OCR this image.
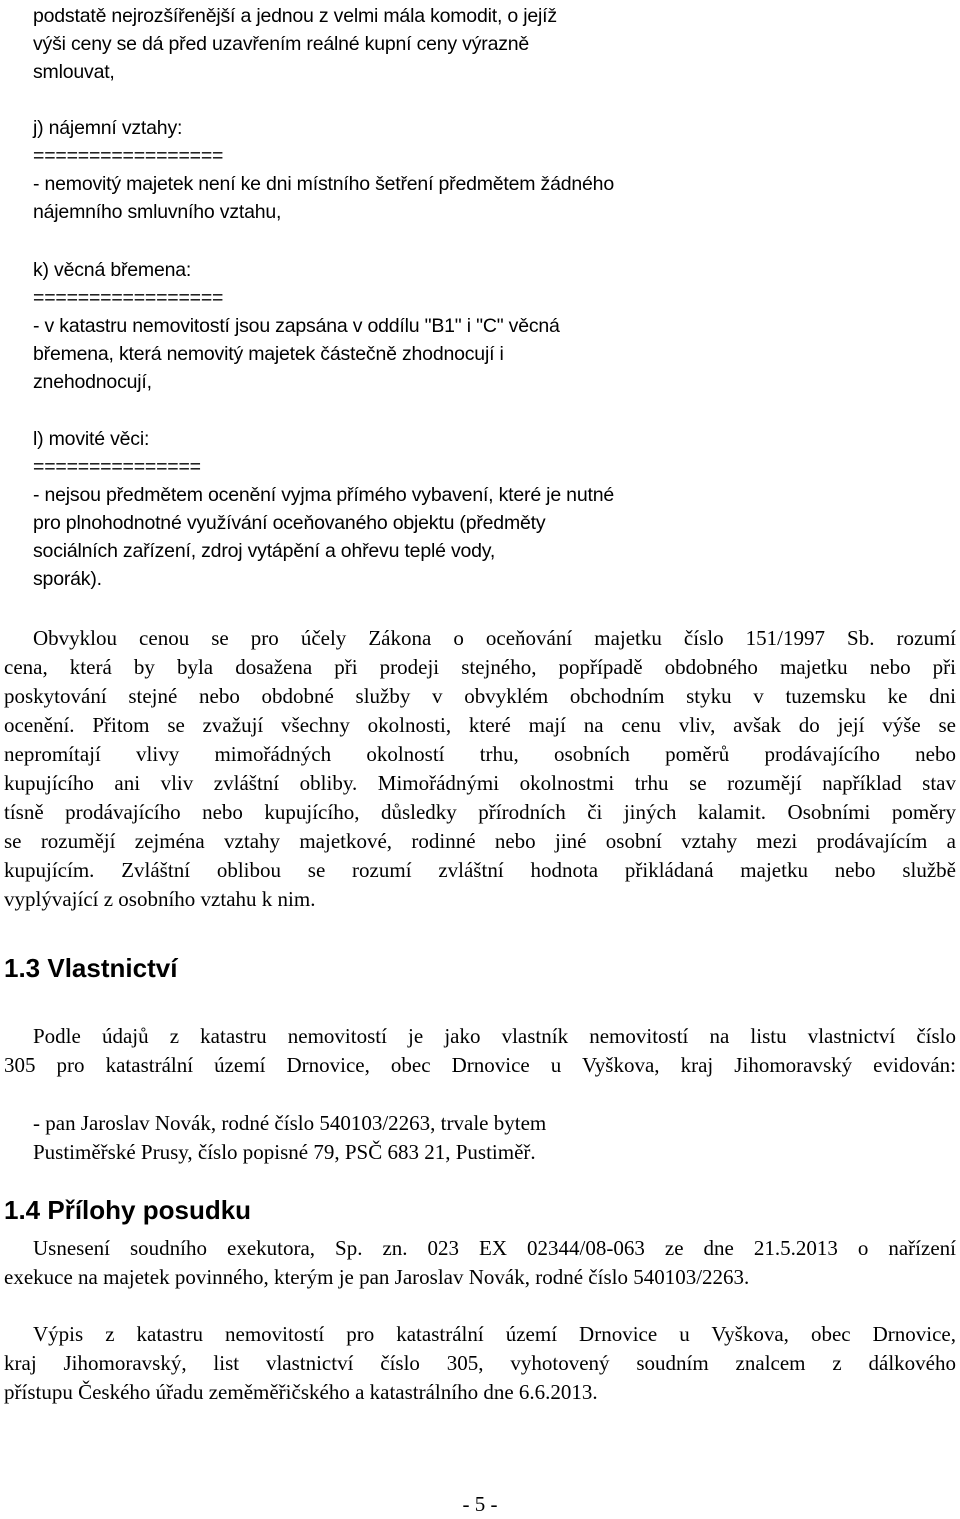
podstatě nejrozšířenější a jednou z velmi mála komodit, o jejíž
výši ceny se dá před uzavřením reálné kupní ceny výrazně
smlouvat,
j) nájemní vztahy:
=================
- nemovitý majetek není ke dni místního šetření předmětem žádného
nájemního smluvního vztahu,
k) věcná břemena:
=================
- v katastru nemovitostí jsou zapsána v oddílu "B1" i "C" věcná
břemena, která nemovitý majetek částečně zhodnocují i
znehodnocují,
l) movité věci:
===============
- nejsou předmětem ocenění vyjma přímého vybavení, které je nutné
pro plnohodnotné využívání oceňovaného objektu (předměty
sociálních zařízení, zdroj vytápění a ohřevu teplé vody,
sporák).
Obvyklou cenou se pro účely Zákona o oceňování majetku číslo 151/1997 Sb. rozumí
cena, která by byla dosažena při prodeji stejného, popřípadě obdobného majetku nebo při
poskytování stejné nebo obdobné služby v obvyklém obchodním styku v tuzemsku ke dni
ocenění. Přitom se zvažují všechny okolnosti, které mají na cenu vliv, avšak do její výše se
nepromítají vlivy mimořádných okolností trhu, osobních poměrů prodávajícího nebo
kupujícího ani vliv zvláštní obliby. Mimořádnými okolnostmi trhu se rozumějí například stav
tísně prodávajícího nebo kupujícího, důsledky přírodních či jiných kalamit. Osobními poměry
se rozumějí zejména vztahy majetkové, rodinné nebo jiné osobní vztahy mezi prodávajícím a
kupujícím. Zvláštní oblibou se rozumí zvláštní hodnota přikládaná majetku nebo službě
vyplývající z osobního vztahu k nim.
1.3 Vlastnictví
Podle údajů z katastru nemovitostí je jako vlastník nemovitostí na listu vlastnictví číslo
305 pro katastrální území Drnovice, obec Drnovice u Vyškova, kraj Jihomoravský evidován:
- pan Jaroslav Novák, rodné číslo 540103/2263, trvale bytem
Pustiměřské Prusy, číslo popisné 79, PSČ 683 21, Pustiměř.
1.4 Přílohy posudku
Usnesení soudního exekutora, Sp. zn. 023 EX 02344/08-063 ze dne 21.5.2013 o nařízení
exekuce na majetek povinného, kterým je pan Jaroslav Novák, rodné číslo 540103/2263.
Výpis z katastru nemovitostí pro katastrální území Drnovice u Vyškova, obec Drnovice,
kraj Jihomoravský, list vlastnictví číslo 305, vyhotovený soudním znalcem z dálkového
přístupu Českého úřadu zeměměřičského a katastrálního dne 6.6.2013.
- 5 -
